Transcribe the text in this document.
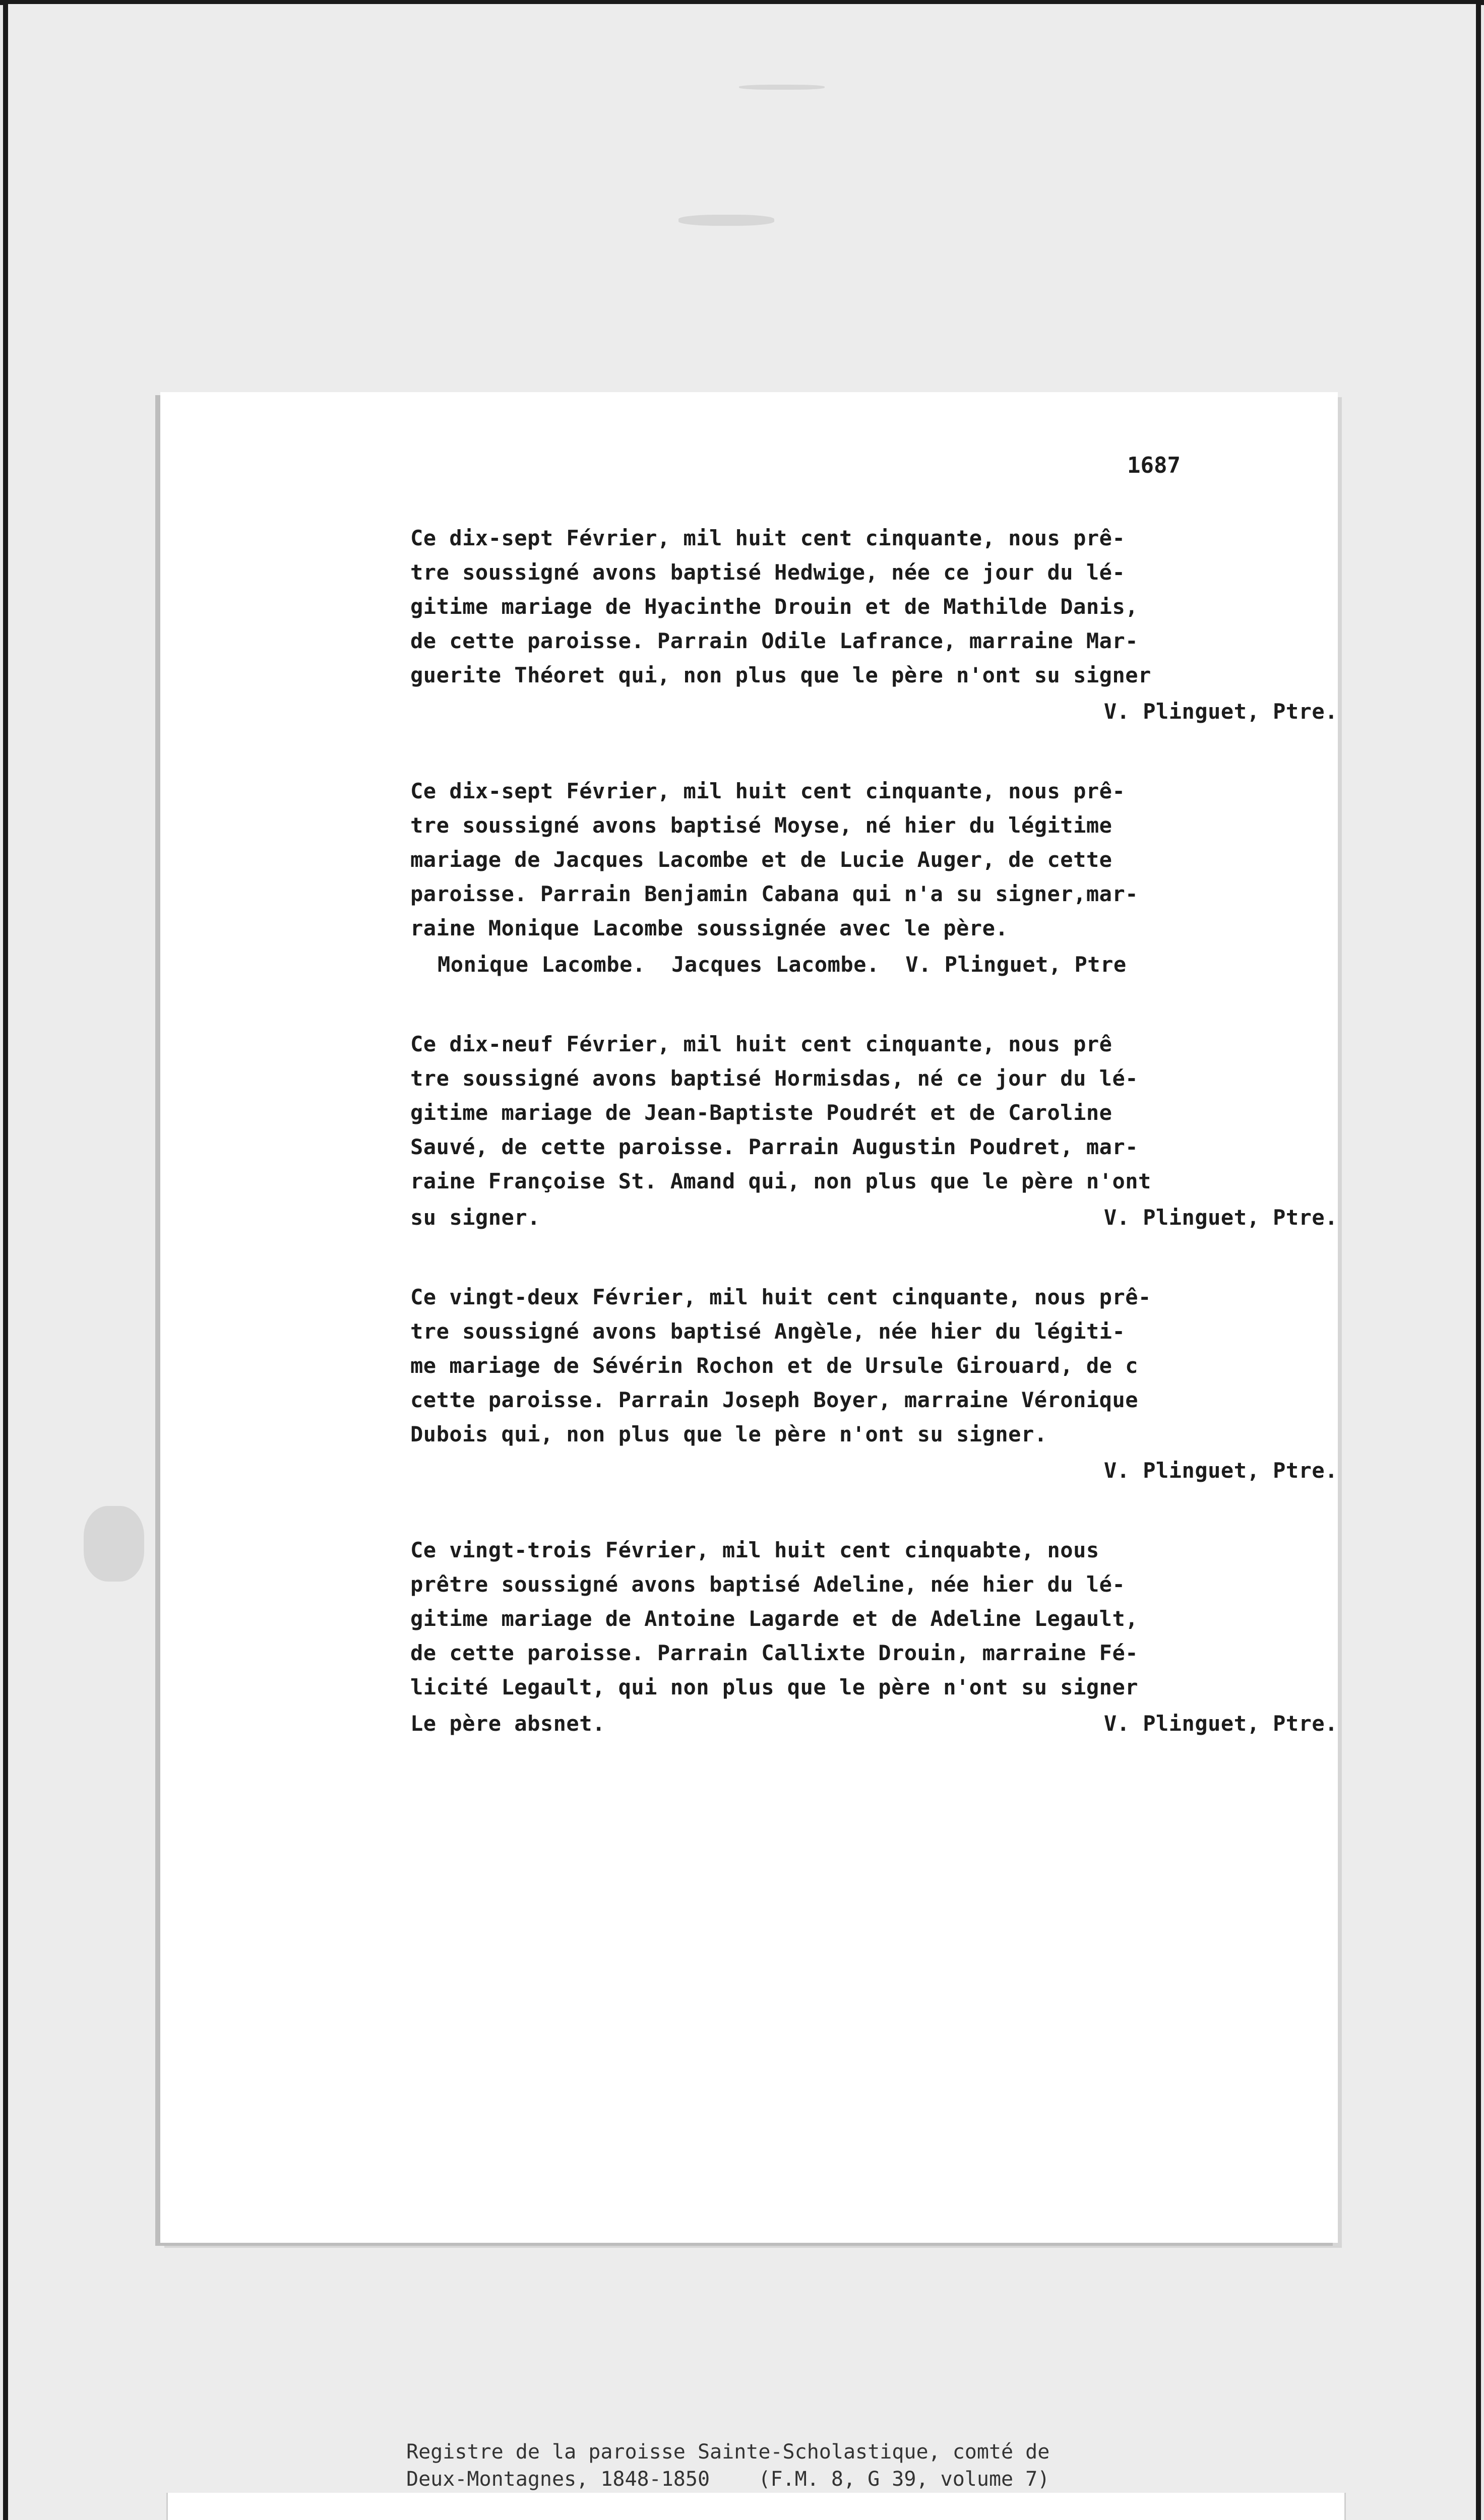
1687
Ce dix-sept Février, mil huit cent cinquante, nous prê-
tre soussigné avons baptisé Hedwige, née ce jour du lé-
gitime mariage de Hyacinthe Drouin et de Mathilde Danis,
de cette paroisse. Parrain Odile Lafrance, marraine Mar-
guerite Théoret qui, non plus que le père n'ont su signer
V. Plinguet, Ptre.
Ce dix-sept Février, mil huit cent cinquante, nous prê-
tre soussigné avons baptisé Moyse, né hier du légitime
mariage de Jacques Lacombe et de Lucie Auger, de cette
paroisse. Parrain Benjamin Cabana qui n'a su signer,mar-
raine Monique Lacombe soussignée avec le père.
Monique Lacombe.  Jacques Lacombe.  V. Plinguet, Ptre
Ce dix-neuf Février, mil huit cent cinquante, nous prê
tre soussigné avons baptisé Hormisdas, né ce jour du lé-
gitime mariage de Jean-Baptiste Poudrét et de Caroline
Sauvé, de cette paroisse. Parrain Augustin Poudret, mar-
raine Françoise St. Amand qui, non plus que le père n'ont
su signer.	V. Plinguet, Ptre.
Ce vingt-deux Février, mil huit cent cinquante, nous prê-
tre soussigné avons baptisé Angèle, née hier du légiti-
me mariage de Sévérin Rochon et de Ursule Girouard, de c
cette paroisse. Parrain Joseph Boyer, marraine Véronique
Dubois qui, non plus que le père n'ont su signer.
V. Plinguet, Ptre.
Ce vingt-trois Février, mil huit cent cinquabte, nous
prêtre soussigné avons baptisé Adeline, née hier du lé-
gitime mariage de Antoine Lagarde et de Adeline Legault,
de cette paroisse. Parrain Callixte Drouin, marraine Fé-
licité Legault, qui non plus que le père n'ont su signer
Le père absnet.	V. Plinguet, Ptre.
Registre de la paroisse Sainte-Scholastique, comté de
Deux-Montagnes, 1848-1850    (F.M. 8, G 39, volume 7)
